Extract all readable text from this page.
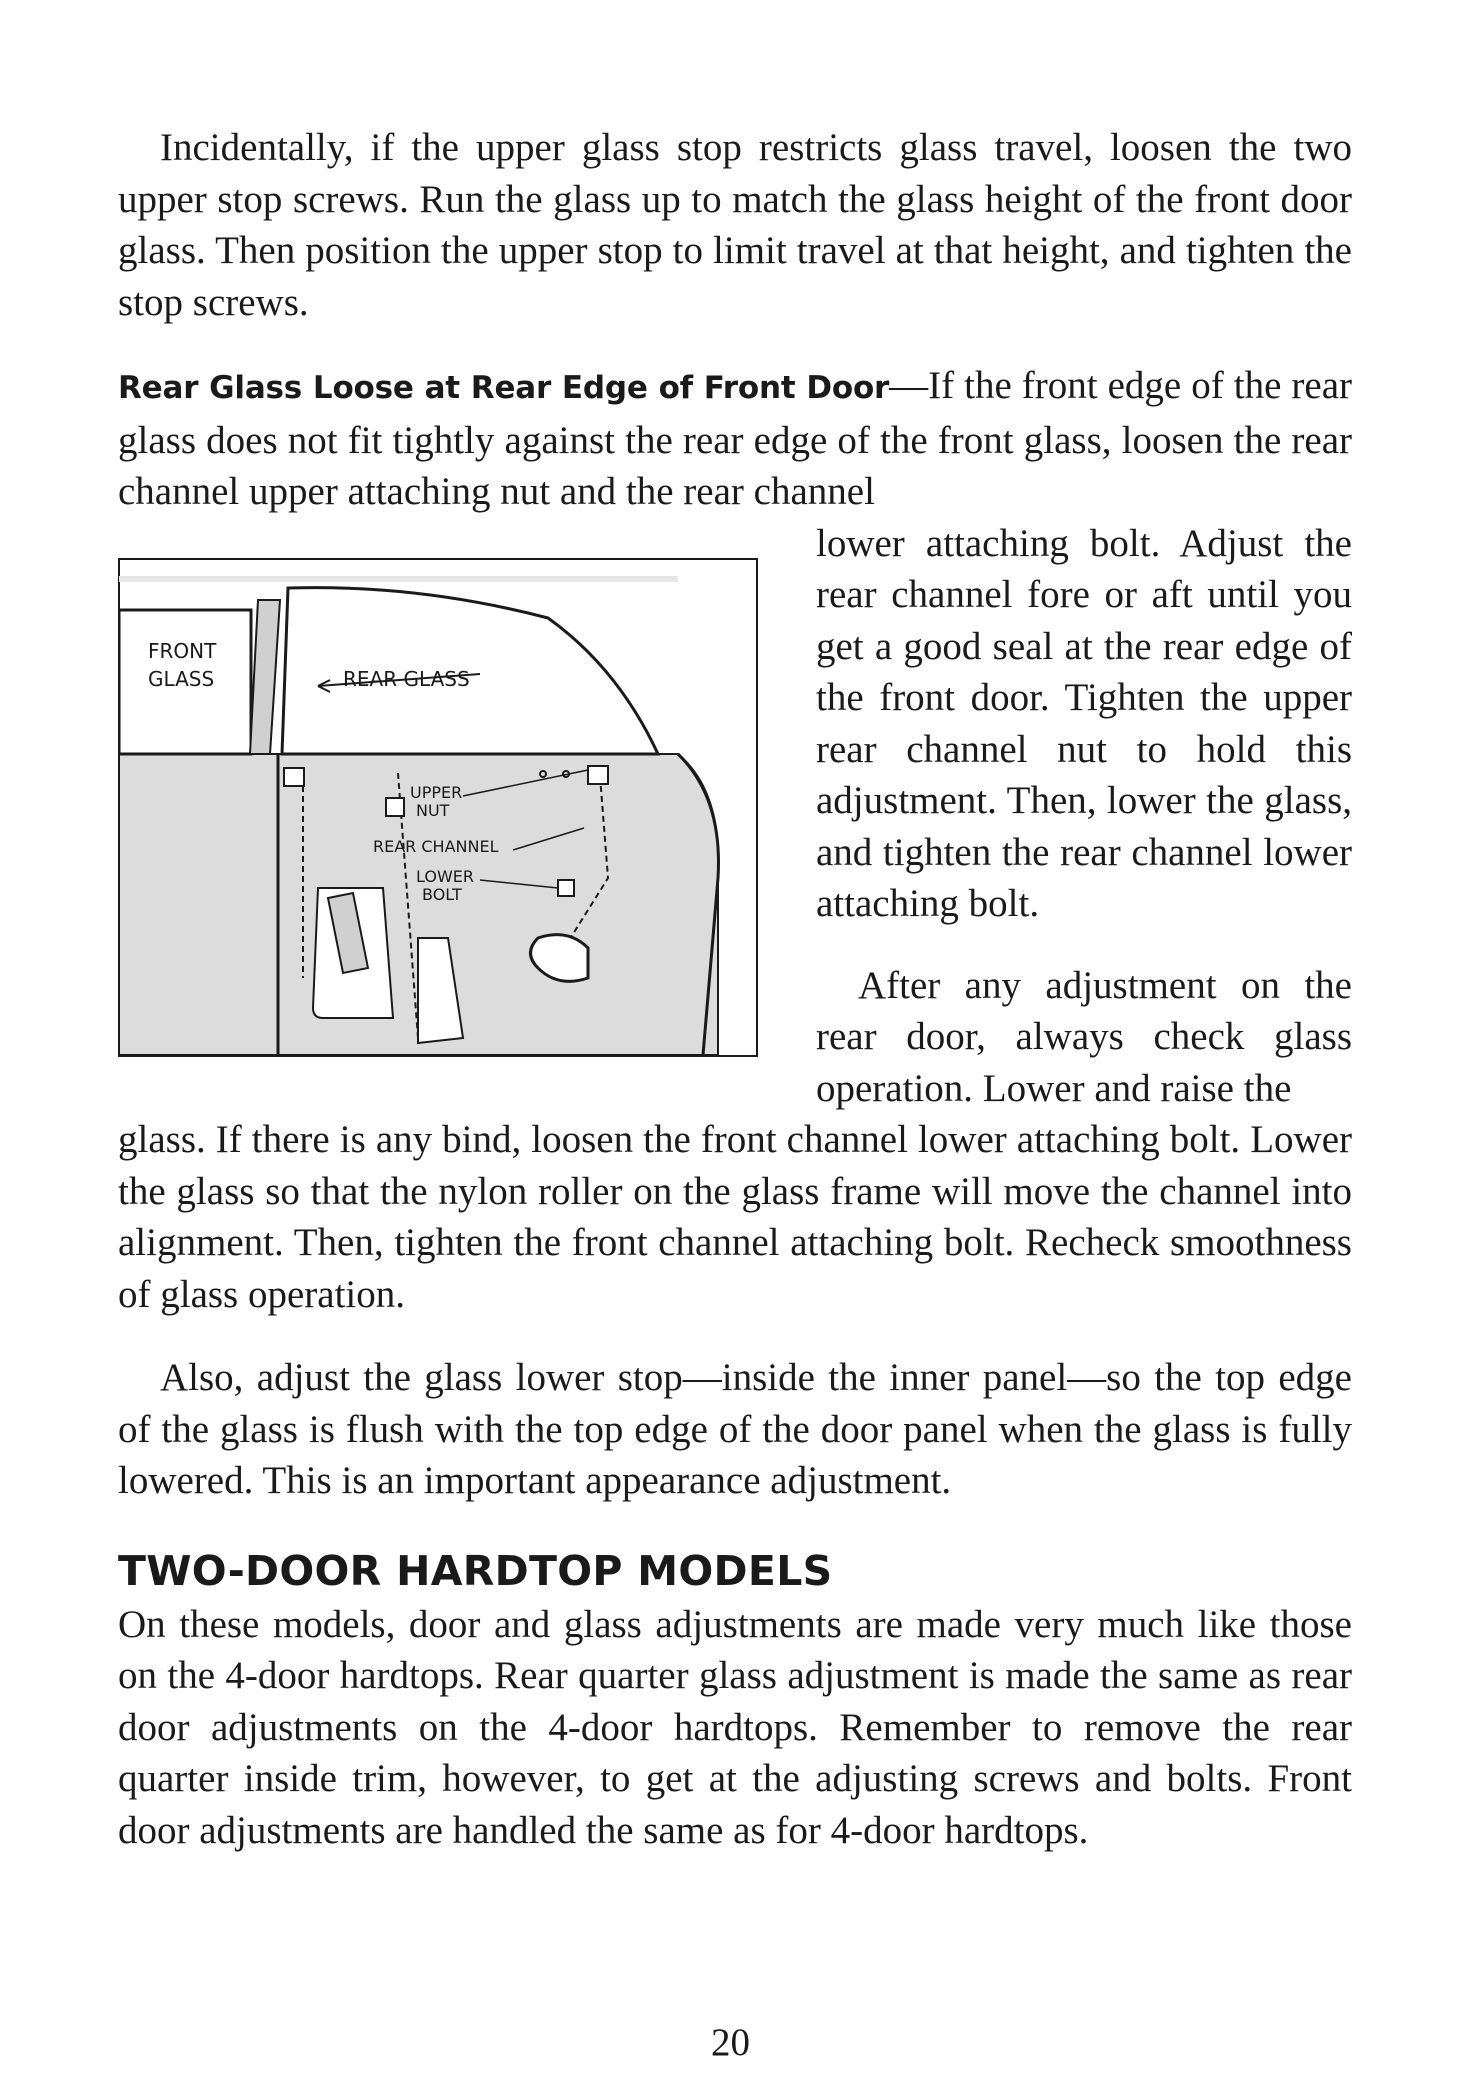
Incidentally, if the upper glass stop restricts glass travel, loosen the two upper stop screws. Run the glass up to match the glass height of the front door glass. Then position the upper stop to limit travel at that height, and tighten the stop screws.

Rear Glass Loose at Rear Edge of Front Door—If the front edge of the rear glass does not fit tightly against the rear edge of the front glass, loosen the rear channel upper attaching nut and the rear channel

FRONT
GLASS	REAR GLASS
UPPER
NUT
REAR CHANNEL
LOWER
BOLT

lower attaching bolt. Adjust the rear channel fore or aft until you get a good seal at the rear edge of the front door. Tighten the upper rear channel nut to hold this adjustment. Then, lower the glass, and tighten the rear channel lower attaching bolt.

After any adjustment on the rear door, always check glass operation. Lower and raise the

glass. If there is any bind, loosen the front channel lower attaching bolt. Lower the glass so that the nylon roller on the glass frame will move the channel into alignment. Then, tighten the front channel attaching bolt. Recheck smoothness of glass operation.

Also, adjust the glass lower stop—inside the inner panel—so the top edge of the glass is flush with the top edge of the door panel when the glass is fully lowered. This is an important appearance adjustment.

TWO-DOOR HARDTOP MODELS

On these models, door and glass adjustments are made very much like those on the 4-door hardtops. Rear quarter glass adjustment is made the same as rear door adjustments on the 4-door hardtops. Remember to remove the rear quarter inside trim, however, to get at the adjusting screws and bolts. Front door adjustments are handled the same as for 4-door hardtops.

20
